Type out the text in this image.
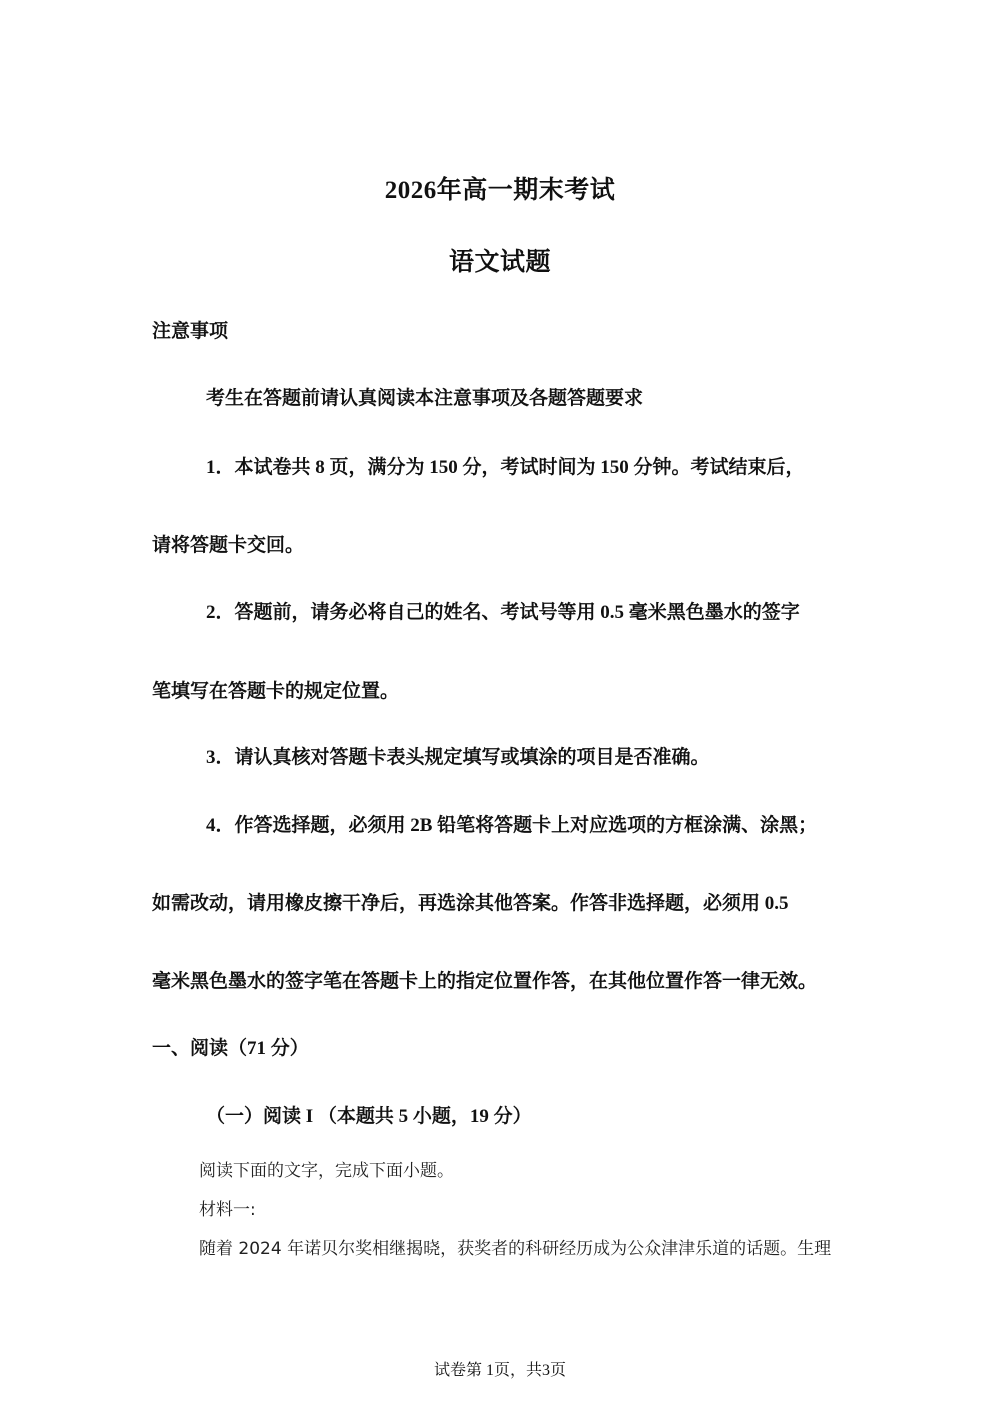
2026年高一期末考试
语文试题
注意事项
考生在答题前请认真阅读本注意事项及各题答题要求
1．本试卷共 8 页，满分为 150 分，考试时间为 150 分钟。考试结束后，
请将答题卡交回。
2．答题前，请务必将自己的姓名、考试号等用 0.5 毫米黑色墨水的签字
笔填写在答题卡的规定位置。
3．请认真核对答题卡表头规定填写或填涂的项目是否准确。
4．作答选择题，必须用 2B 铅笔将答题卡上对应选项的方框涂满、涂黑；
如需改动，请用橡皮擦干净后，再选涂其他答案。作答非选择题，必须用 0.5
毫米黑色墨水的签字笔在答题卡上的指定位置作答，在其他位置作答一律无效。
一、阅读（71 分）
（一）阅读 I （本题共 5 小题，19 分）
阅读下面的文字，完成下面小题。
材料一:
随着 2024 年诺贝尔奖相继揭晓，获奖者的科研经历成为公众津津乐道的话题。生理
试卷第 1页，共3页
